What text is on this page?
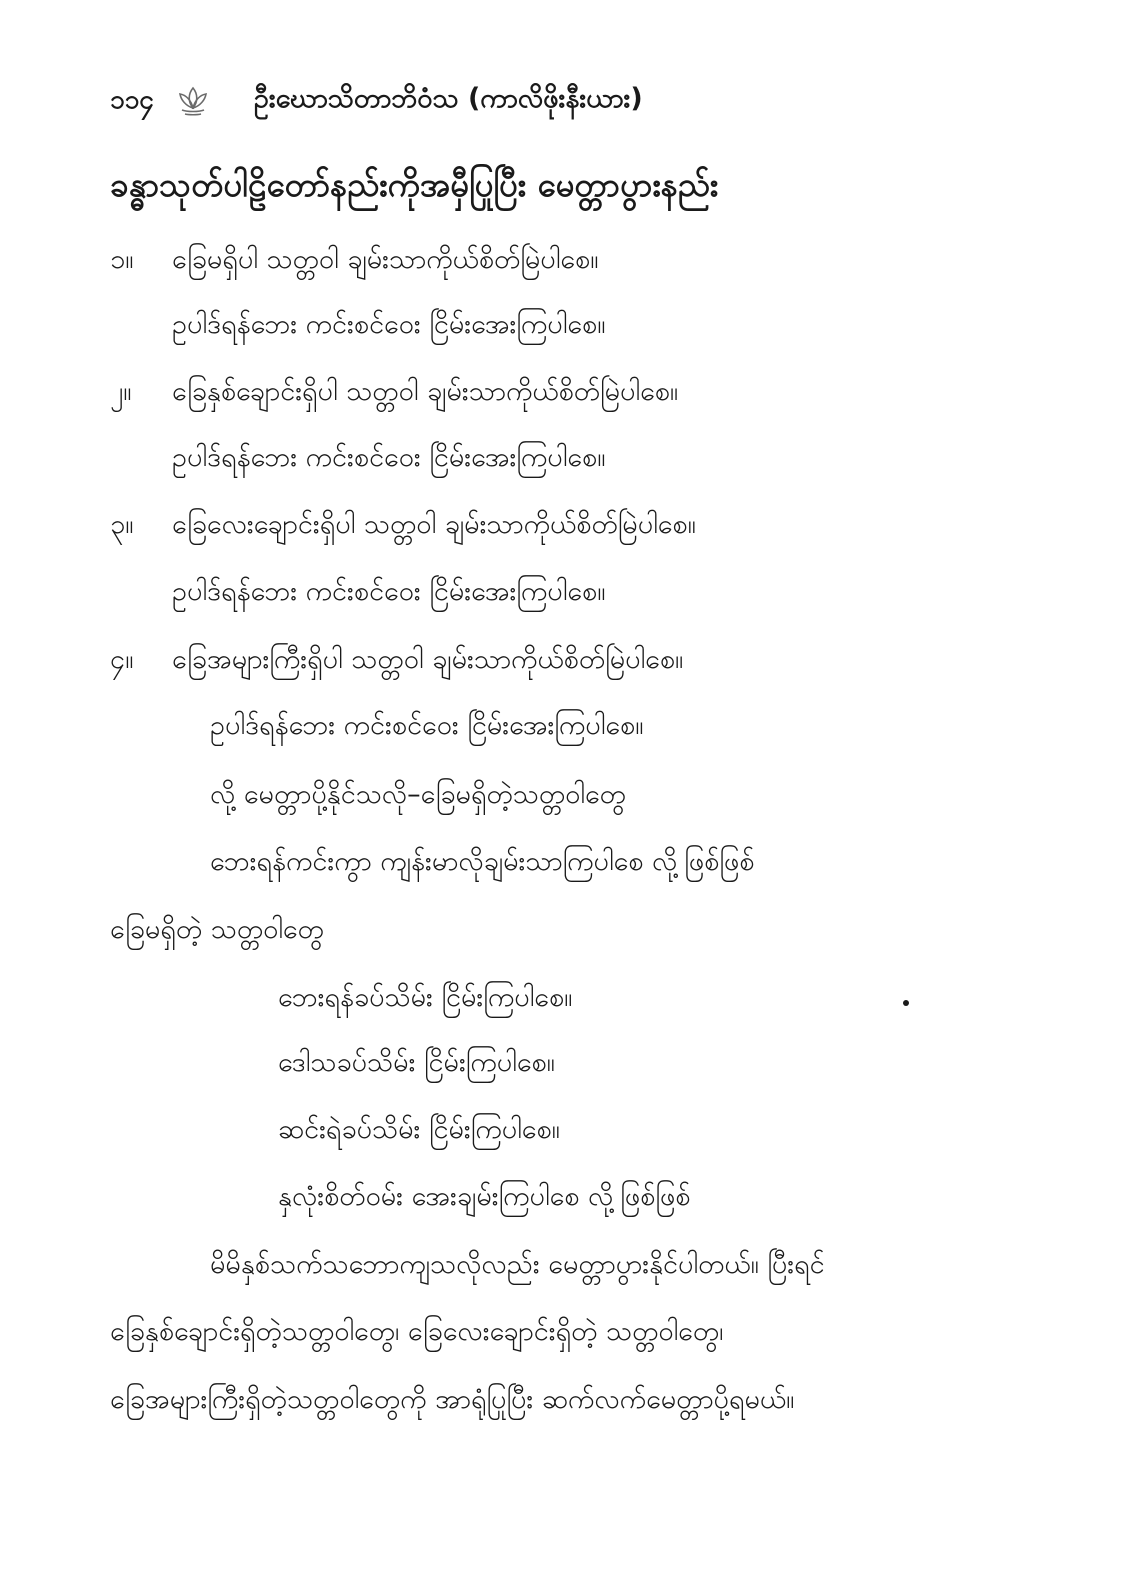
၁၁၄	ဦးဃောသိတာဘိဝံသ (ကာလိဖိုးနီးယား)
ခန္ဓာသုတ်ပါဠိတော်နည်းကိုအမှီပြုပြီး မေတ္တာပွားနည်း
၁။ ခြေမရှိပါ သတ္တဝါ ချမ်းသာကိုယ်စိတ်မြဲပါစေ။
ဥပါဒ်ရန်ဘေး ကင်းစင်ဝေး ငြိမ်းအေးကြပါစေ။
၂။ ခြေနှစ်ချောင်းရှိပါ သတ္တဝါ ချမ်းသာကိုယ်စိတ်မြဲပါစေ။
ဥပါဒ်ရန်ဘေး ကင်းစင်ဝေး ငြိမ်းအေးကြပါစေ။
၃။ ခြေလေးချောင်းရှိပါ သတ္တဝါ ချမ်းသာကိုယ်စိတ်မြဲပါစေ။
ဥပါဒ်ရန်ဘေး ကင်းစင်ဝေး ငြိမ်းအေးကြပါစေ။
၄။ ခြေအများကြီးရှိပါ သတ္တဝါ ချမ်းသာကိုယ်စိတ်မြဲပါစေ။
ဥပါဒ်ရန်ဘေး ကင်းစင်ဝေး ငြိမ်းအေးကြပါစေ။
လို့ မေတ္တာပို့နိုင်သလို–ခြေမရှိတဲ့သတ္တဝါတွေ
ဘေးရန်ကင်းကွာ ကျန်းမာလိုချမ်းသာကြပါစေ လို့ဖြစ်ဖြစ်
ခြေမရှိတဲ့ သတ္တဝါတွေ
ဘေးရန်ခပ်သိမ်း ငြိမ်းကြပါစေ။
ဒေါသခပ်သိမ်း ငြိမ်းကြပါစေ။
ဆင်းရဲခပ်သိမ်း ငြိမ်းကြပါစေ။
နှလုံးစိတ်ဝမ်း အေးချမ်းကြပါစေ လို့ဖြစ်ဖြစ်
မိမိနှစ်သက်သဘောကျသလိုလည်း မေတ္တာပွားနိုင်ပါတယ်။ ပြီးရင်
ခြေနှစ်ချောင်းရှိတဲ့သတ္တဝါတွေ၊ ခြေလေးချောင်းရှိတဲ့ သတ္တဝါတွေ၊
ခြေအများကြီးရှိတဲ့သတ္တဝါတွေကို အာရုံပြုပြီး ဆက်လက်မေတ္တာပို့ရမယ်။
